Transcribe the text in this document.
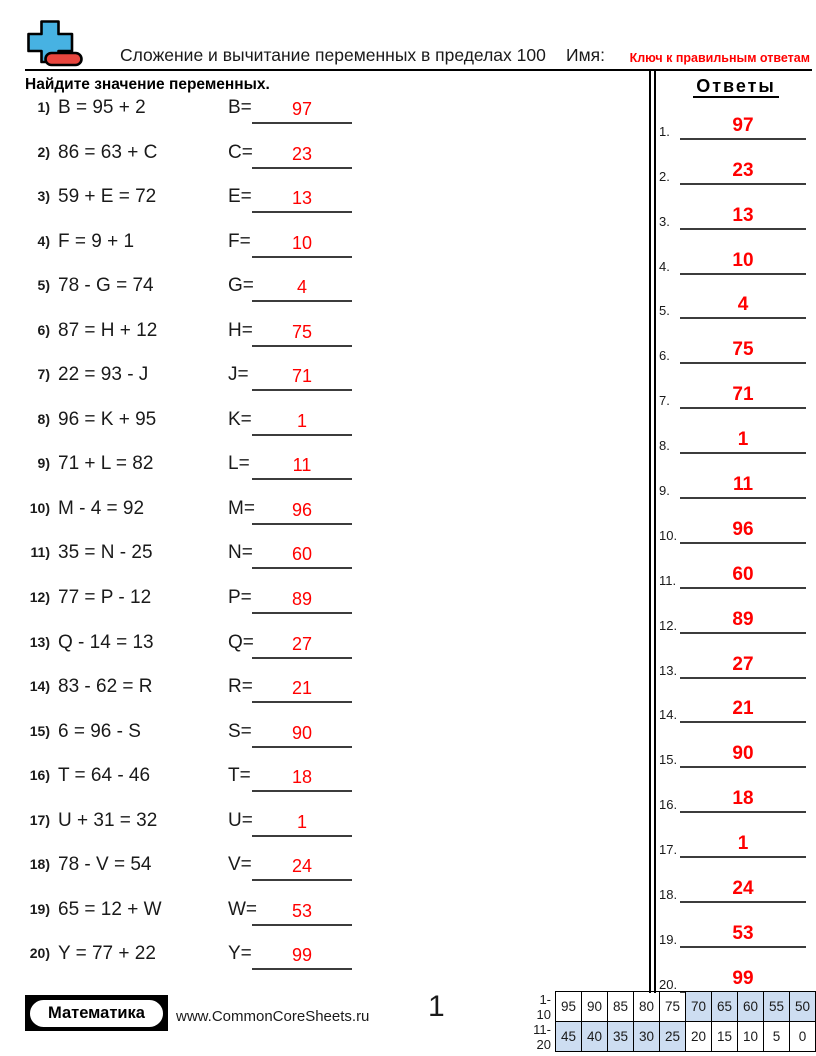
Сложение и вычитание переменных в пределах 100 Имя: Ключ к правильным ответам
Найдите значение переменных.
1) B = 95 + 2	B=	97
2) 86 = 63 + C	C=	23
3) 59 + E = 72	E=	13
4) F = 9 + 1	F=	10
5) 78 - G = 74	G=	4
6) 87 = H + 12	H=	75
7) 22 = 93 - J	J=	71
8) 96 = K + 95	K=	1
9) 71 + L = 82	L=	11
10) M - 4 = 92	M=	96
11) 35 = N - 25	N=	60
12) 77 = P - 12	P=	89
13) Q - 14 = 13	Q=	27
14) 83 - 62 = R	R=	21
15) 6 = 96 - S	S=	90
16) T = 64 - 46	T=	18
17) U + 31 = 32	U=	1
18) 78 - V = 54	V=	24
19) 65 = 12 + W	W=	53
20) Y = 77 + 22	Y=	99
Ответы
1.	97
2.	23
3.	13
4.	10
5.	4
6.	75
7.	71
8.	1
9.	11
10.	96
11.	60
12.	89
13.	27
14.	21
15.	90
16.	18
17.	1
18.	24
19.	53
20.	99
Математика	www.CommonCoreSheets.ru 1	1-10	95	90	85	80	75	70	65	60	55	50
11-20	45	40	35	30	25	20	15	10	5	0
